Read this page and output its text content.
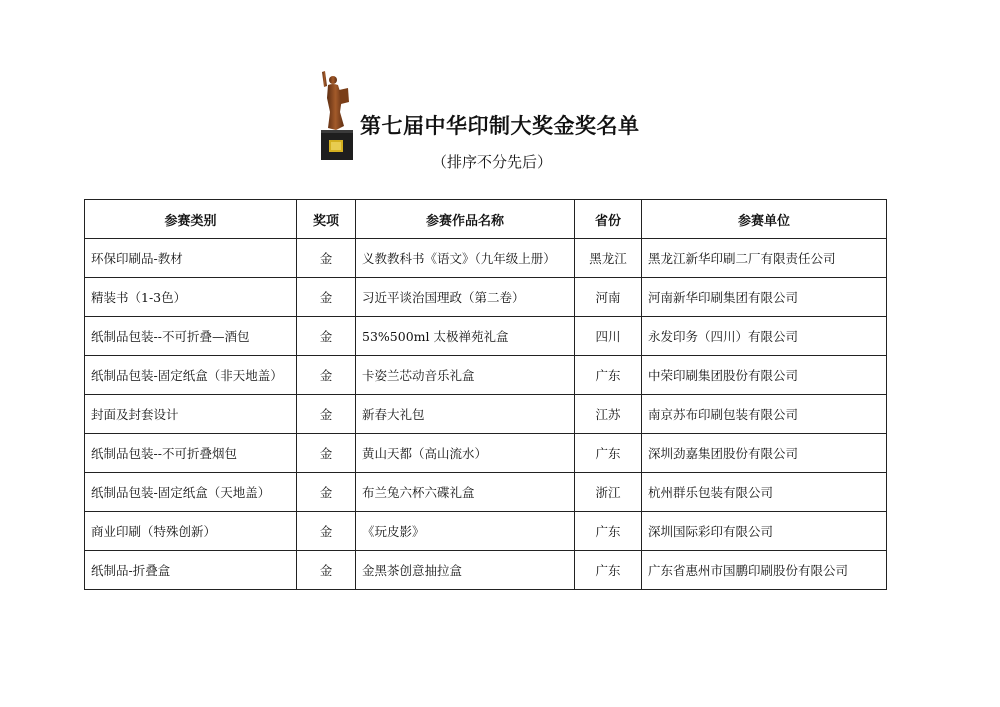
第七届中华印制大奖金奖名单
（排序不分先后）
参赛类别	奖项	参赛作品名称	省份	参赛单位
环保印刷品-教材	金	义教教科书《语文》（九年级上册）	黑龙江	黑龙江新华印刷二厂有限责任公司
精装书（1-3色）	金	习近平谈治国理政（第二卷）	河南	河南新华印刷集团有限公司
纸制品包装--不可折叠—酒包	金	53%500ml 太极禅苑礼盒	四川	永发印务（四川）有限公司
纸制品包装-固定纸盒（非天地盖）	金	卡姿兰芯动音乐礼盒	广东	中荣印刷集团股份有限公司
封面及封套设计	金	新春大礼包	江苏	南京苏布印刷包装有限公司
纸制品包装--不可折叠烟包	金	黄山天都（高山流水）	广东	深圳劲嘉集团股份有限公司
纸制品包装-固定纸盒（天地盖）	金	布兰兔六杯六碟礼盒	浙江	杭州群乐包装有限公司
商业印刷（特殊创新）	金	《玩皮影》	广东	深圳国际彩印有限公司
纸制品-折叠盒	金	金黑茶创意抽拉盒	广东	广东省惠州市国鹏印刷股份有限公司
